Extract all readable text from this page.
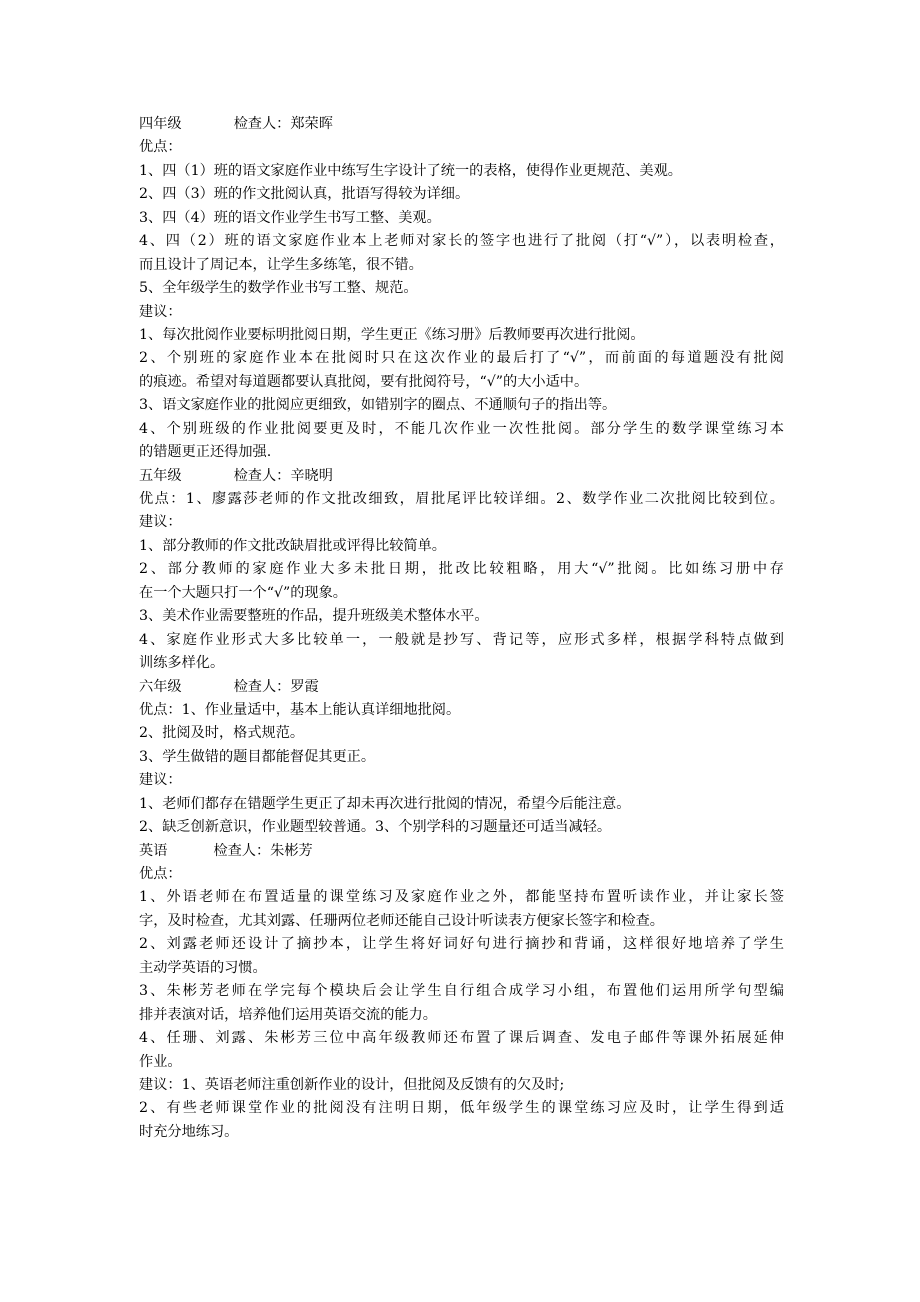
四年级	检查人：郑荣晖
优点：
1、四（1）班的语文家庭作业中练写生字设计了统一的表格，使得作业更规范、美观。
2、四（3）班的作文批阅认真，批语写得较为详细。
3、四（4）班的语文作业学生书写工整、美观。
4、四（2）班的语文家庭作业本上老师对家长的签字也进行了批阅（打“√”），以表明检查，
而且设计了周记本，让学生多练笔，很不错。
5、全年级学生的数学作业书写工整、规范。
建议：
1、每次批阅作业要标明批阅日期，学生更正《练习册》后教师要再次进行批阅。
2、个别班的家庭作业本在批阅时只在这次作业的最后打了“√”，而前面的每道题没有批阅
的痕迹。希望对每道题都要认真批阅，要有批阅符号，“√”的大小适中。
3、语文家庭作业的批阅应更细致，如错别字的圈点、不通顺句子的指出等。
4、个别班级的作业批阅要更及时，不能几次作业一次性批阅。部分学生的数学课堂练习本
的错题更正还得加强.
五年级	检查人：辛晓明
优点：1、廖露莎老师的作文批改细致，眉批尾评比较详细。2、数学作业二次批阅比较到位。
建议：
1、部分教师的作文批改缺眉批或评得比较简单。
2、部分教师的家庭作业大多未批日期，批改比较粗略，用大“√”批阅。比如练习册中存
在一个大题只打一个“√”的现象。
3、美术作业需要整班的作品，提升班级美术整体水平。
4、家庭作业形式大多比较单一，一般就是抄写、背记等，应形式多样，根据学科特点做到
训练多样化。
六年级	检查人：罗霞
优点：1、作业量适中，基本上能认真详细地批阅。
2、批阅及时，格式规范。
3、学生做错的题目都能督促其更正。
建议：
1、老师们都存在错题学生更正了却未再次进行批阅的情况，希望今后能注意。
2、缺乏创新意识，作业题型较普通。3、个别学科的习题量还可适当减轻。
英语	检查人：朱彬芳
优点：
1、外语老师在布置适量的课堂练习及家庭作业之外，都能坚持布置听读作业，并让家长签
字，及时检查，尤其刘露、任珊两位老师还能自己设计听读表方便家长签字和检查。
2、刘露老师还设计了摘抄本，让学生将好词好句进行摘抄和背诵，这样很好地培养了学生
主动学英语的习惯。
3、朱彬芳老师在学完每个模块后会让学生自行组合成学习小组，布置他们运用所学句型编
排并表演对话，培养他们运用英语交流的能力。
4、任珊、刘露、朱彬芳三位中高年级教师还布置了课后调查、发电子邮件等课外拓展延伸
作业。
建议：1、英语老师注重创新作业的设计，但批阅及反馈有的欠及时;
2、有些老师课堂作业的批阅没有注明日期，低年级学生的课堂练习应及时，让学生得到适
时充分地练习。
